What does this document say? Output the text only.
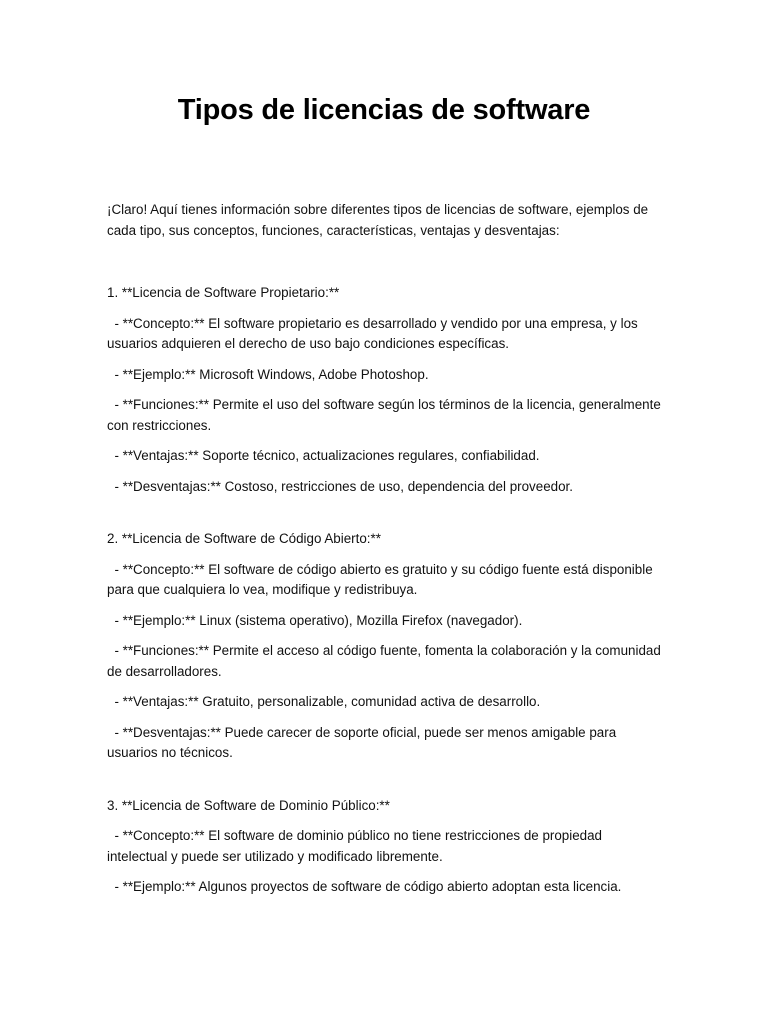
Tipos de licencias de software

¡Claro! Aquí tienes información sobre diferentes tipos de licencias de software, ejemplos de cada tipo, sus conceptos, funciones, características, ventajas y desventajas:

1. **Licencia de Software Propietario:**

- **Concepto:** El software propietario es desarrollado y vendido por una empresa, y los usuarios adquieren el derecho de uso bajo condiciones específicas.

- **Ejemplo:** Microsoft Windows, Adobe Photoshop.

- **Funciones:** Permite el uso del software según los términos de la licencia, generalmente con restricciones.

- **Ventajas:** Soporte técnico, actualizaciones regulares, confiabilidad.

- **Desventajas:** Costoso, restricciones de uso, dependencia del proveedor.

2. **Licencia de Software de Código Abierto:**

- **Concepto:** El software de código abierto es gratuito y su código fuente está disponible para que cualquiera lo vea, modifique y redistribuya.

- **Ejemplo:** Linux (sistema operativo), Mozilla Firefox (navegador).

- **Funciones:** Permite el acceso al código fuente, fomenta la colaboración y la comunidad de desarrolladores.

- **Ventajas:** Gratuito, personalizable, comunidad activa de desarrollo.

- **Desventajas:** Puede carecer de soporte oficial, puede ser menos amigable para usuarios no técnicos.

3. **Licencia de Software de Dominio Público:**

- **Concepto:** El software de dominio público no tiene restricciones de propiedad intelectual y puede ser utilizado y modificado libremente.

- **Ejemplo:** Algunos proyectos de software de código abierto adoptan esta licencia.
